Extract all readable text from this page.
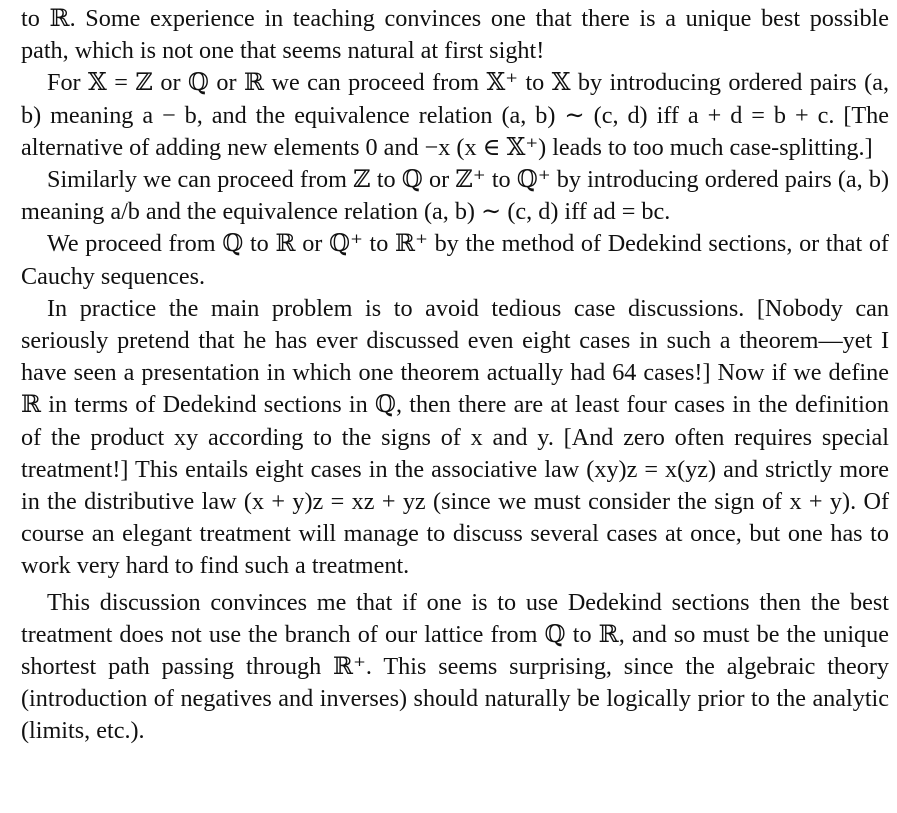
to ℝ. Some experience in teaching convinces one that there is a unique best possible path, which is not one that seems natural at first sight!

For 𝕏 = ℤ or ℚ or ℝ we can proceed from 𝕏⁺ to 𝕏 by introducing ordered pairs (a, b) meaning a − b, and the equivalence relation (a, b) ∼ (c, d) iff a + d = b + c. [The alternative of adding new elements 0 and −x (x ∈ 𝕏⁺) leads to too much case-splitting.]

Similarly we can proceed from ℤ to ℚ or ℤ⁺ to ℚ⁺ by introducing ordered pairs (a, b) meaning a/b and the equivalence relation (a, b) ∼ (c, d) iff ad = bc.

We proceed from ℚ to ℝ or ℚ⁺ to ℝ⁺ by the method of Dedekind sections, or that of Cauchy sequences.

In practice the main problem is to avoid tedious case discussions. [Nobody can seriously pretend that he has ever discussed even eight cases in such a theorem—yet I have seen a presentation in which one theorem actually had 64 cases!] Now if we define ℝ in terms of Dedekind sections in ℚ, then there are at least four cases in the definition of the product xy according to the signs of x and y. [And zero often requires special treatment!] This entails eight cases in the associative law (xy)z = x(yz) and strictly more in the distributive law (x + y)z = xz + yz (since we must consider the sign of x + y). Of course an elegant treatment will manage to discuss several cases at once, but one has to work very hard to find such a treatment.

This discussion convinces me that if one is to use Dedekind sections then the best treatment does not use the branch of our lattice from ℚ to ℝ, and so must be the unique shortest path passing through ℝ⁺. This seems surprising, since the algebraic theory (introduction of negatives and inverses) should naturally be logically prior to the analytic (limits, etc.).
